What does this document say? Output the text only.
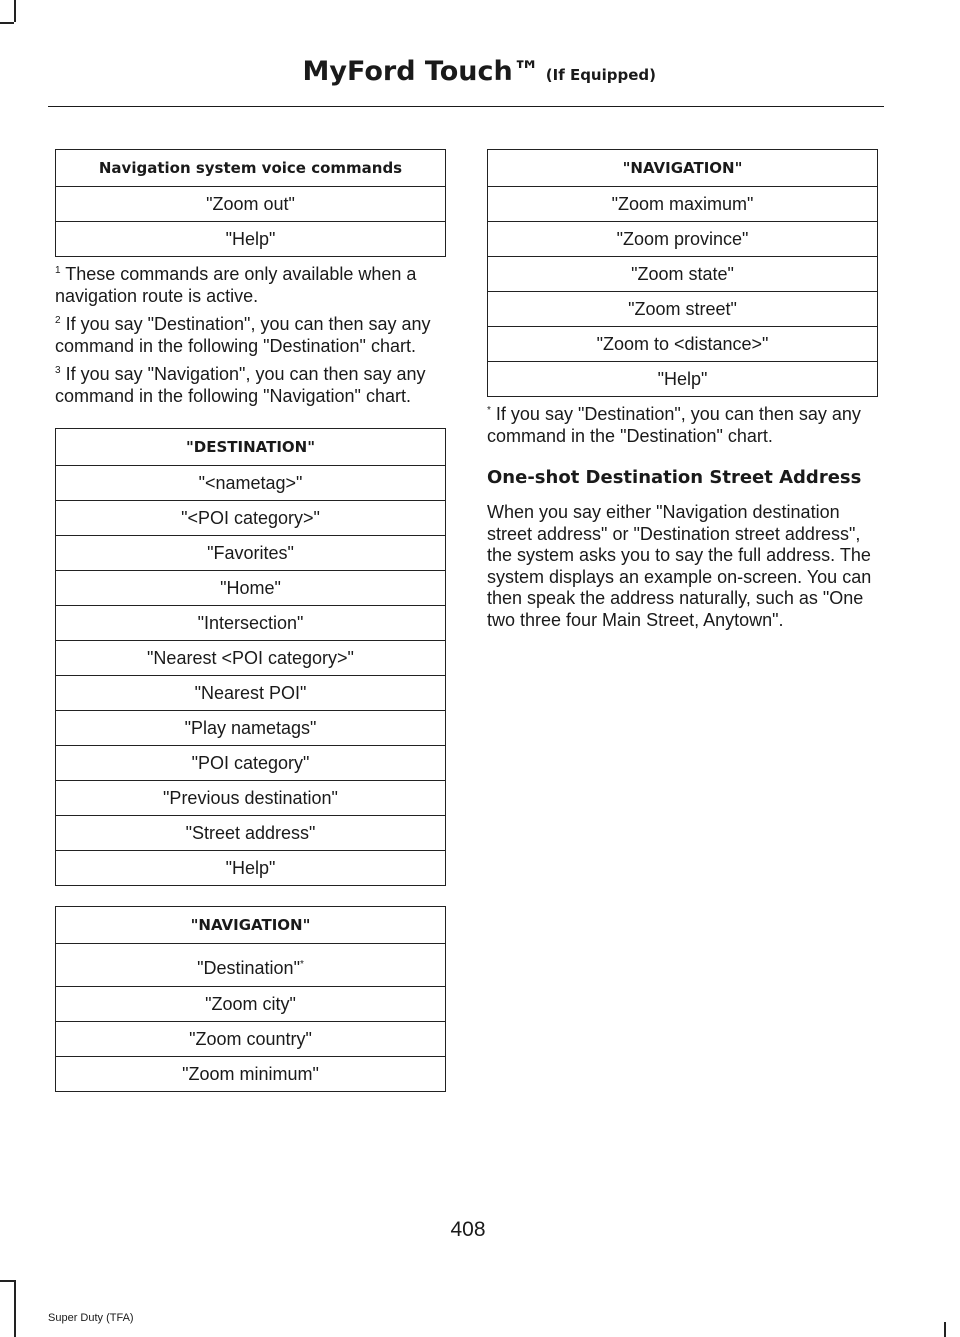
MyFord Touch™ (If Equipped)
Navigation system voice commands
"Zoom out"
"Help"

$^1$ These commands are only available when a navigation route is active.

$^2$ If you say "Destination", you can then say any command in the following "Destination" chart.

$^3$ If you say "Navigation", you can then say any command in the following "Navigation" chart.

"DESTINATION"
"<nametag>"
"<POI category>"
"Favorites"
"Home"
"Intersection"
"Nearest <POI category>"
"Nearest POI"
"Play nametags"
"POI category"
"Previous destination"
"Street address"
"Help"
"NAVIGATION"
"Destination"*
"Zoom city"
"Zoom country"
"Zoom minimum"
"NAVIGATION"
"Zoom maximum"
"Zoom province"
"Zoom state"
"Zoom street"
"Zoom to <distance>"
"Help"

* If you say "Destination", you can then say any command in the "Destination" chart.

One-shot Destination Street Address

When you say either "Navigation destination street address" or "Destination street address", the system asks you to say the full address. The system displays an example on-screen. You can then speak the address naturally, such as "One two three four Main Street, Anytown".

408
Super Duty (TFA)
